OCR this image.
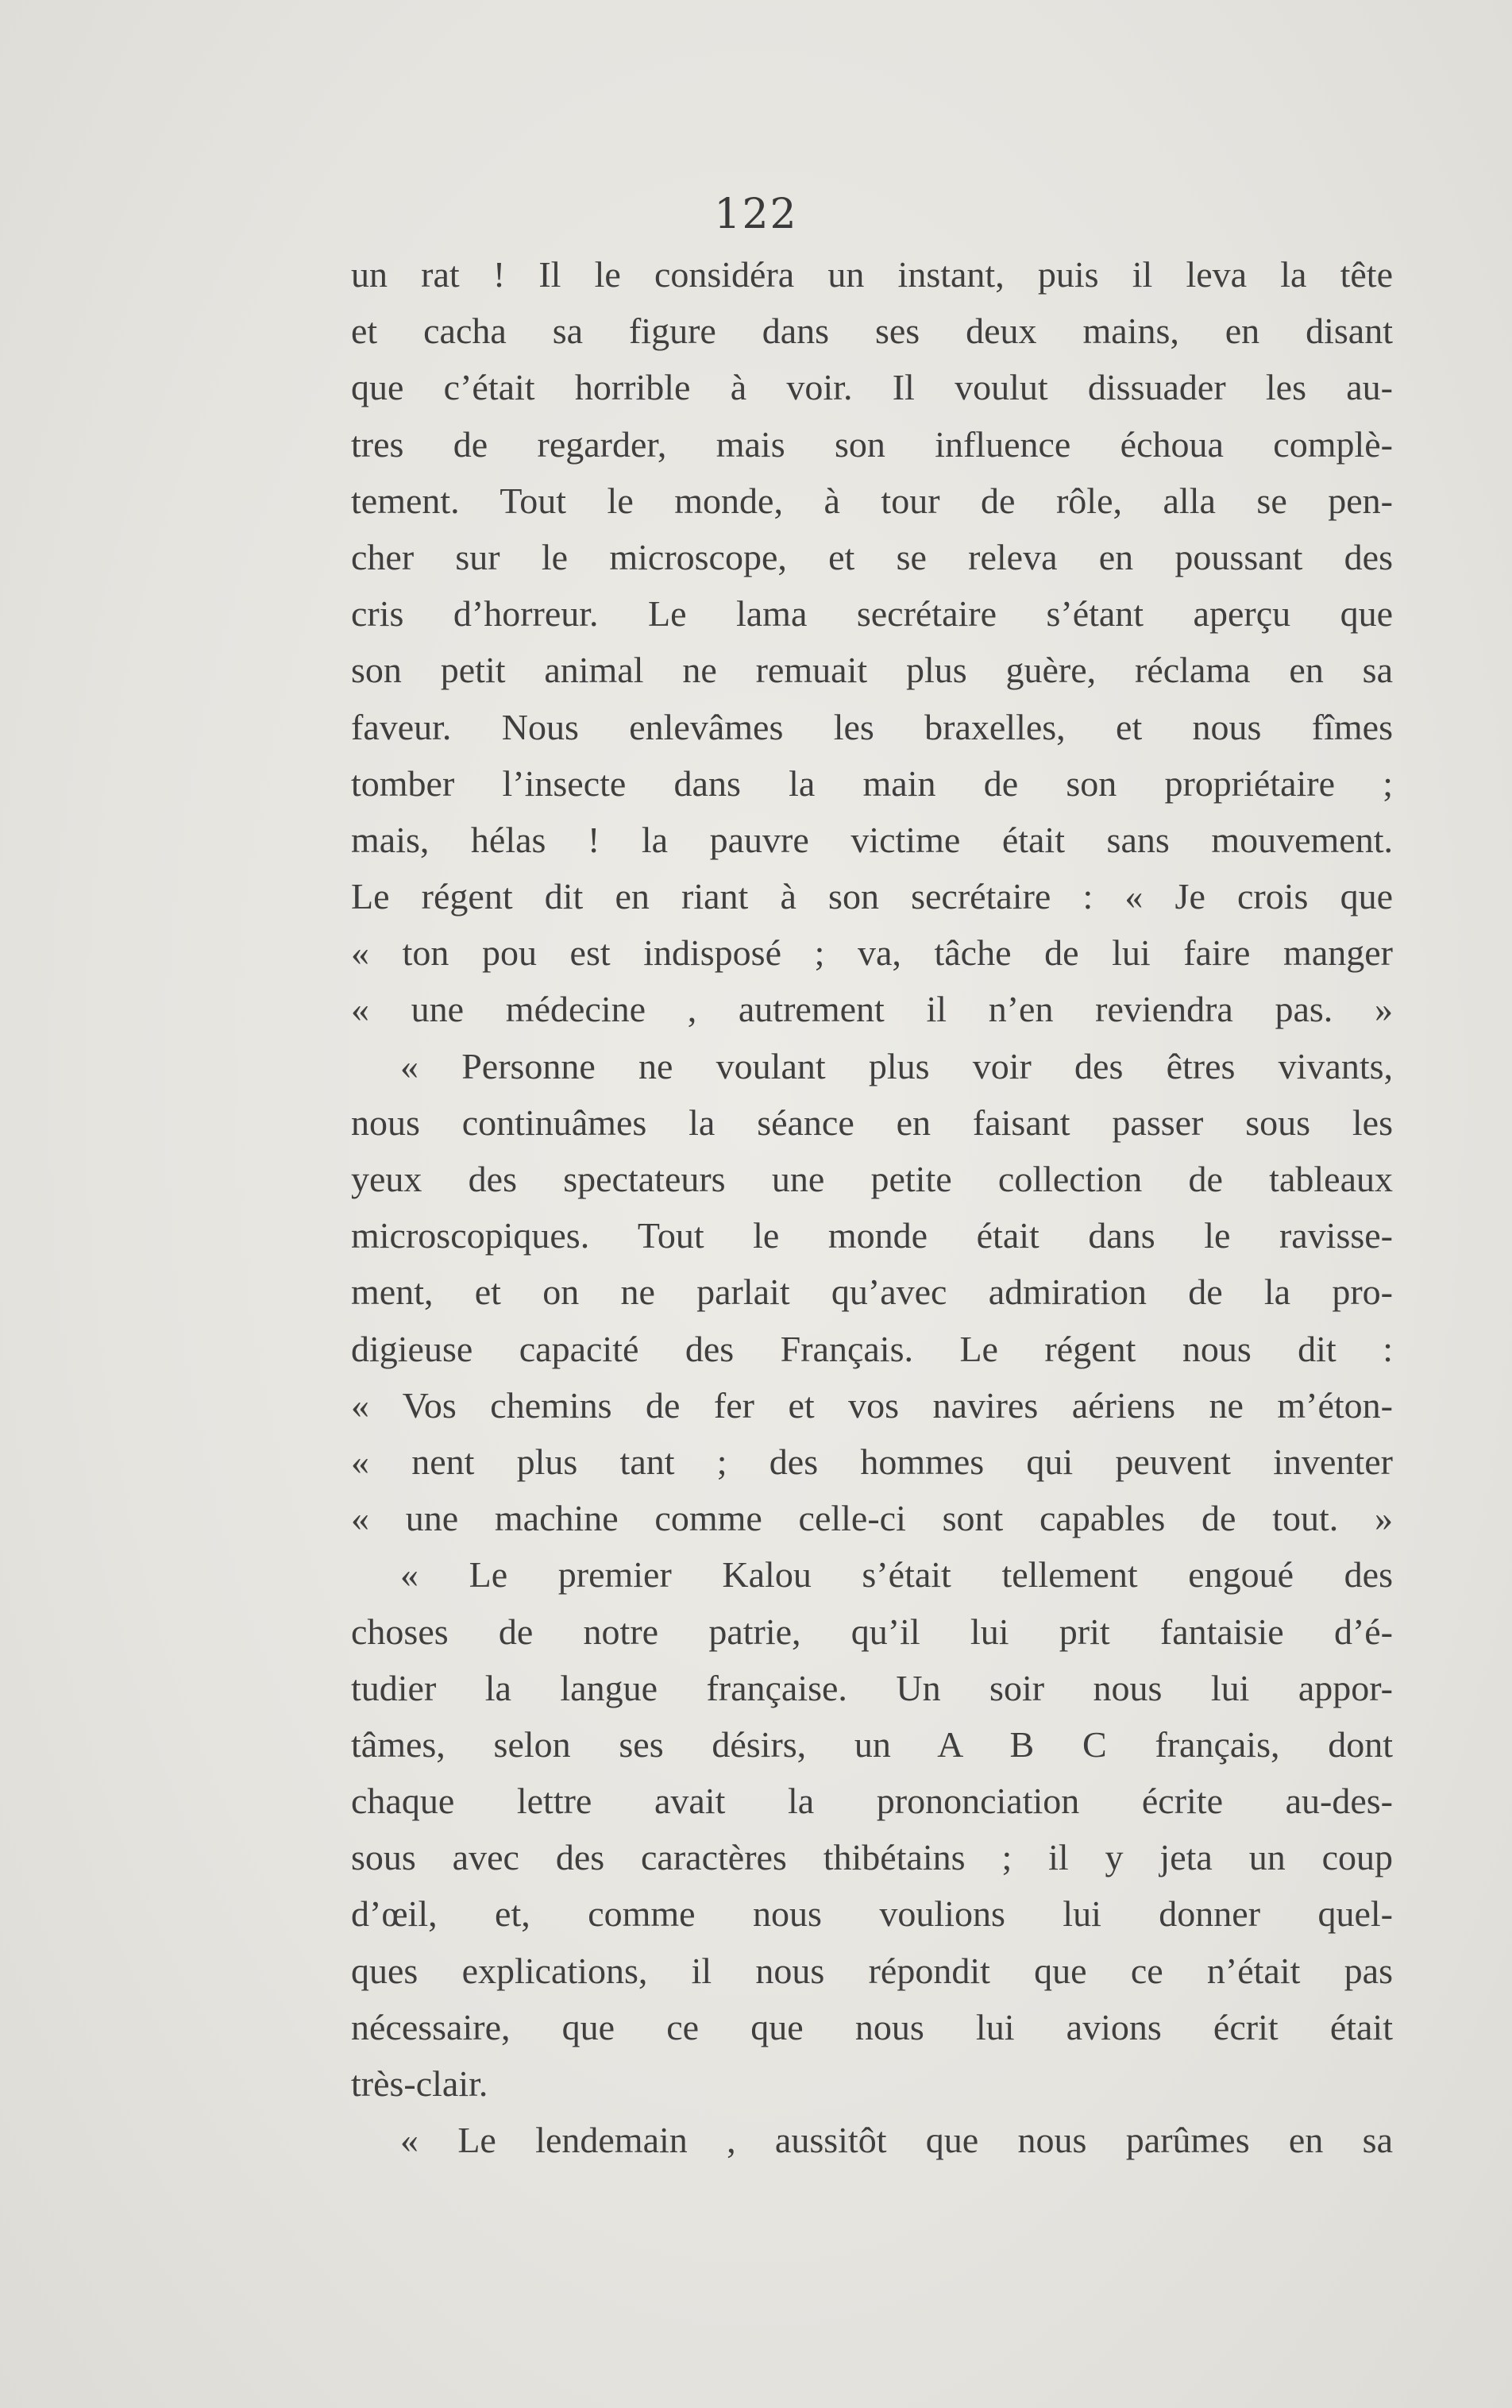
122
un rat ! Il le considéra un instant, puis il leva la tête
et cacha sa figure dans ses deux mains, en disant
que c’était horrible à voir. Il voulut dissuader les au-
tres de regarder, mais son influence échoua complè-
tement. Tout le monde, à tour de rôle, alla se pen-
cher sur le microscope, et se releva en poussant des
cris d’horreur. Le lama secrétaire s’étant aperçu que
son petit animal ne remuait plus guère, réclama en sa
faveur. Nous enlevâmes les braxelles, et nous fîmes
tomber l’insecte dans la main de son propriétaire ;
mais, hélas ! la pauvre victime était sans mouvement.
Le régent dit en riant à son secrétaire : « Je crois que
« ton pou est indisposé ; va, tâche de lui faire manger
« une médecine , autrement il n’en reviendra pas. »
« Personne ne voulant plus voir des êtres vivants,
nous continuâmes la séance en faisant passer sous les
yeux des spectateurs une petite collection de tableaux
microscopiques. Tout le monde était dans le ravisse-
ment, et on ne parlait qu’avec admiration de la pro-
digieuse capacité des Français. Le régent nous dit :
« Vos chemins de fer et vos navires aériens ne m’éton-
« nent plus tant ; des hommes qui peuvent inventer
« une machine comme celle-ci sont capables de tout. »
« Le premier Kalou s’était tellement engoué des
choses de notre patrie, qu’il lui prit fantaisie d’é-
tudier la langue française. Un soir nous lui appor-
tâmes, selon ses désirs, un A B C français, dont
chaque lettre avait la prononciation écrite au-des-
sous avec des caractères thibétains ; il y jeta un coup
d’œil, et, comme nous voulions lui donner quel-
ques explications, il nous répondit que ce n’était pas
nécessaire, que ce que nous lui avions écrit était
très-clair.
« Le lendemain , aussitôt que nous parûmes en sa
